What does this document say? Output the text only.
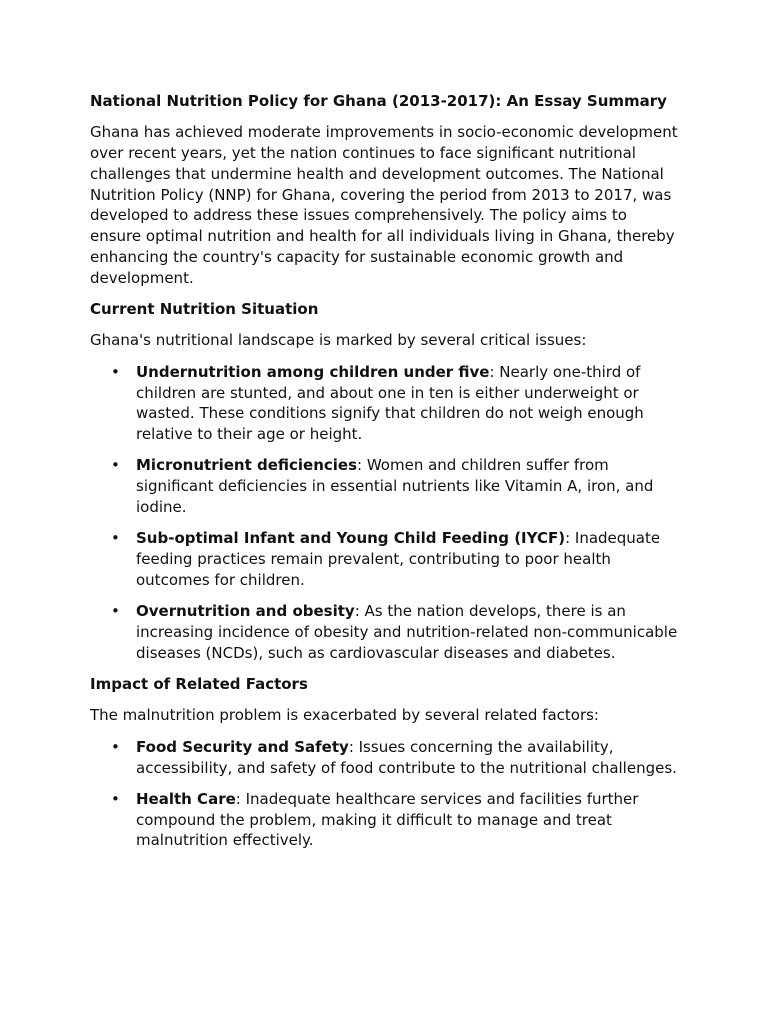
National Nutrition Policy for Ghana (2013-2017): An Essay Summary

Ghana has achieved moderate improvements in socio-economic development over recent years, yet the nation continues to face significant nutritional challenges that undermine health and development outcomes. The National Nutrition Policy (NNP) for Ghana, covering the period from 2013 to 2017, was developed to address these issues comprehensively. The policy aims to ensure optimal nutrition and health for all individuals living in Ghana, thereby enhancing the country's capacity for sustainable economic growth and development.

Current Nutrition Situation

Ghana's nutritional landscape is marked by several critical issues:

• Undernutrition among children under five: Nearly one-third of children are stunted, and about one in ten is either underweight or wasted. These conditions signify that children do not weigh enough relative to their age or height.
• Micronutrient deficiencies: Women and children suffer from significant deficiencies in essential nutrients like Vitamin A, iron, and iodine.
• Sub-optimal Infant and Young Child Feeding (IYCF): Inadequate feeding practices remain prevalent, contributing to poor health outcomes for children.
• Overnutrition and obesity: As the nation develops, there is an increasing incidence of obesity and nutrition-related non-communicable diseases (NCDs), such as cardiovascular diseases and diabetes.
Impact of Related Factors

The malnutrition problem is exacerbated by several related factors:

• Food Security and Safety: Issues concerning the availability, accessibility, and safety of food contribute to the nutritional challenges.
• Health Care: Inadequate healthcare services and facilities further compound the problem, making it difficult to manage and treat malnutrition effectively.
